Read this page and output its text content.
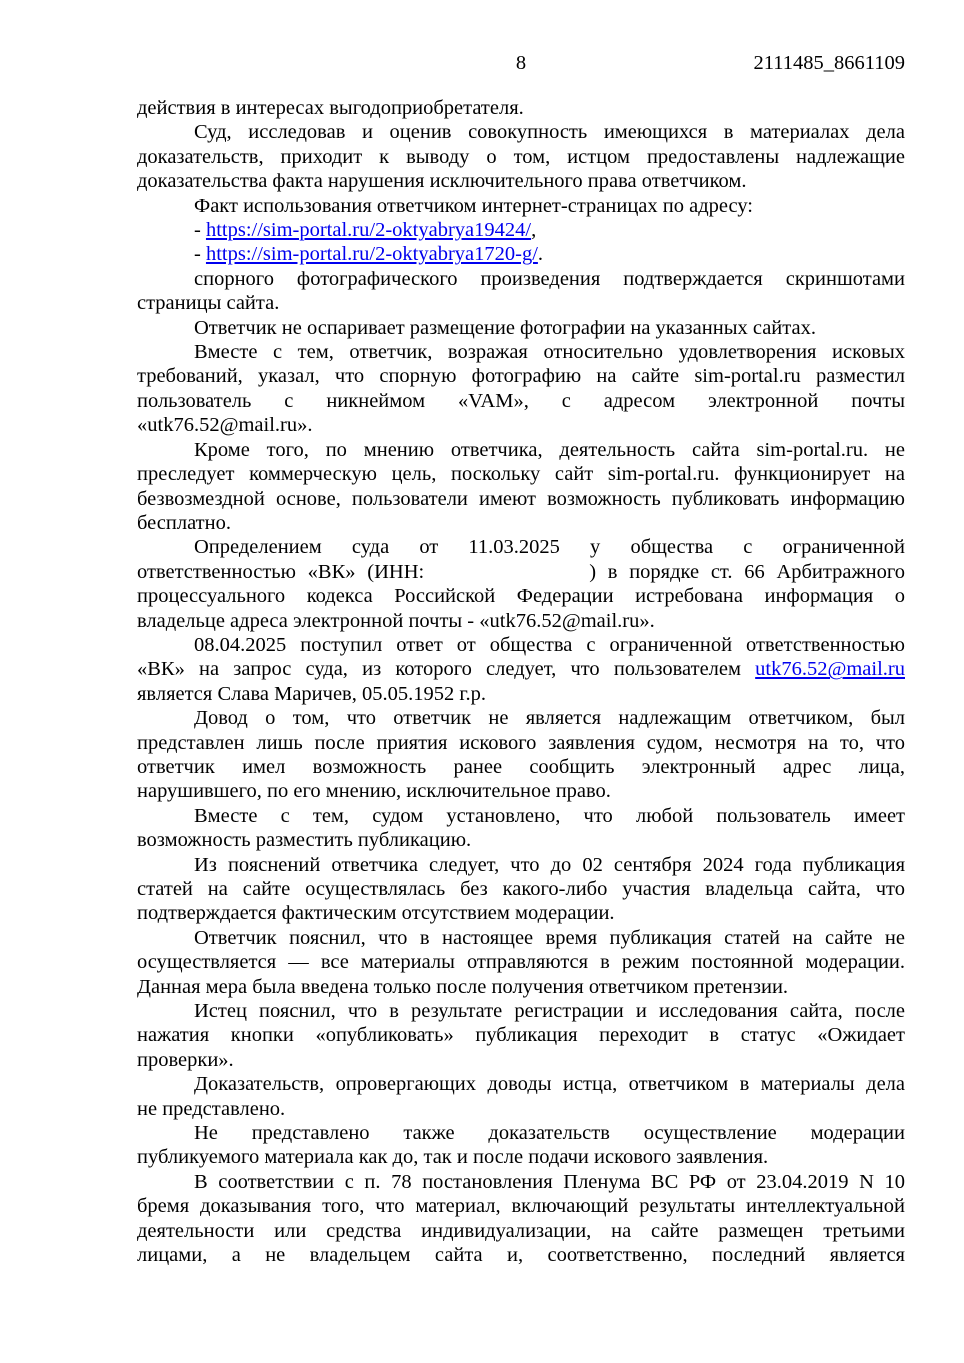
8	2111485_8661109
действия в интересах выгодоприобретателя.
Суд, исследовав и оценив совокупность имеющихся в материалах дела
доказательств, приходит к выводу о том, истцом предоставлены надлежащие
доказательства факта нарушения исключительного права ответчиком.
Факт использования ответчиком интернет-страницах по адресу:
- https://sim-portal.ru/2-oktyabrya19424/,
- https://sim-portal.ru/2-oktyabrya1720-g/.
спорного фотографического произведения подтверждается скриншотами
страницы сайта.
Ответчик не оспаривает размещение фотографии на указанных сайтах.
Вместе с тем, ответчик, возражая относительно удовлетворения исковых
требований, указал, что спорную фотографию на сайте sim-portal.ru разместил
пользователь с никнеймом «VAM», с адресом электронной почты
«utk76.52@mail.ru».
Кроме того, по мнению ответчика, деятельность сайта sim-portal.ru. не
преследует коммерческую цель, поскольку сайт sim-portal.ru. функционирует на
безвозмездной основе, пользователи имеют возможность публиковать информацию
бесплатно.
Определением суда от 11.03.2025 у общества с ограниченной
ответственностью «ВК» (ИНН:	) в порядке ст. 66 Арбитражного
процессуального кодекса Российской Федерации истребована информация о
владельце адреса электронной почты - «utk76.52@mail.ru».
08.04.2025 поступил ответ от общества с ограниченной ответственностью
«ВК» на запрос суда, из которого следует, что пользователем utk76.52@mail.ru
является Слава Маричев, 05.05.1952 г.р.
Довод о том, что ответчик не является надлежащим ответчиком, был
представлен лишь после приятия искового заявления судом, несмотря на то, что
ответчик имел возможность ранее сообщить электронный адрес лица,
нарушившего, по его мнению, исключительное право.
Вместе с тем, судом установлено, что любой пользователь имеет
возможность разместить публикацию.
Из пояснений ответчика следует, что до 02 сентября 2024 года публикация
статей на сайте осуществлялась без какого-либо участия владельца сайта, что
подтверждается фактическим отсутствием модерации.
Ответчик пояснил, что в настоящее время публикация статей на сайте не
осуществляется — все материалы отправляются в режим постоянной модерации.
Данная мера была введена только после получения ответчиком претензии.
Истец пояснил, что в результате регистрации и исследования сайта, после
нажатия кнопки «опубликовать» публикация переходит в статус «Ожидает
проверки».
Доказательств, опровергающих доводы истца, ответчиком в материалы дела
не представлено.
Не представлено также доказательств осуществление модерации
публикуемого материала как до, так и после подачи искового заявления.
В соответствии с п. 78 постановления Пленума ВС РФ от 23.04.2019 N 10
бремя доказывания того, что материал, включающий результаты интеллектуальной
деятельности или средства индивидуализации, на сайте размещен третьими
лицами, а не владельцем сайта и, соответственно, последний является
